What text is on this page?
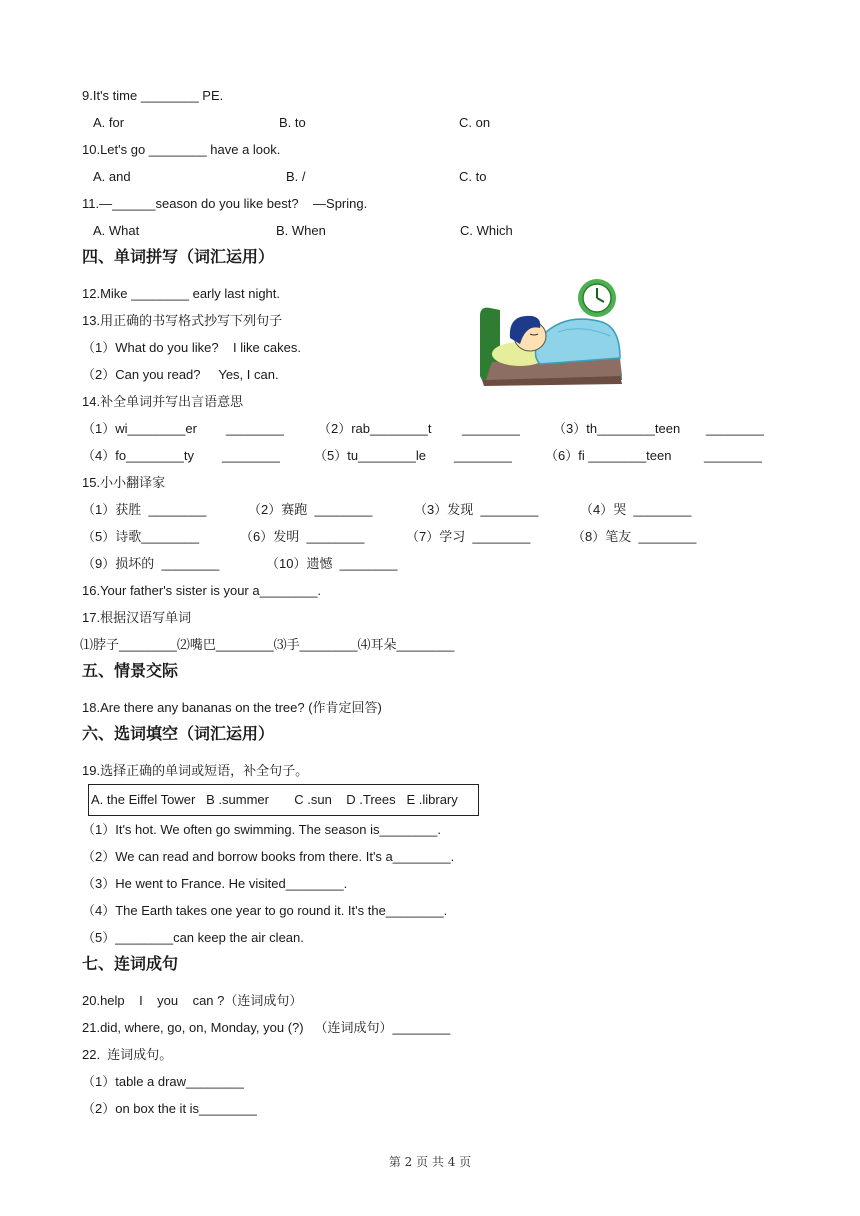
9.It's time ________ PE.
A. for	B. to	C. on
10.Let's go ________ have a look.
A. and	B. /	C. to
11.—______season do you like best?    —Spring.
A. What	B. When	C. Which
四、单词拼写（词汇运用）
12.Mike ________ early last night.
13.用正确的书写格式抄写下列句子
（1）What do you like?    I like cakes.
（2）Can you read?     Yes, I can.
14.补全单词并写出言语意思
（1）wi________er ________	（2）rab________t ________	（3）th________teen ________
（4）fo________ty ________	（5）tu________le ________	（6）fi ________teen	________
15.小小翻译家
（1）获胜  ________	（2）赛跑  ________	（3）发现  ________	（4）哭  ________
（5）诗歌________	（6）发明  ________	（7）学习  ________	（8）笔友  ________
（9）损坏的  ________	（10）遗憾  ________
16.Your father's sister is your a________.
17.根据汉语写单词
⑴脖子________⑵嘴巴________⑶手________⑷耳朵________
五、情景交际
18.Are there any bananas on the tree? (作肯定回答)
六、选词填空（词汇运用）
19.选择正确的单词或短语，补全句子。
A. the Eiffel Tower   B .summer       C .sun    D .Trees   E .library
（1）It's hot. We often go swimming. The season is________.
（2）We can read and borrow books from there. It's a________.
（3）He went to France. He visited________.
（4）The Earth takes one year to go round it. It's the________.
（5）________can keep the air clean.
七、连词成句
20.help    I    you    can ?（连词成句）
21.did, where, go, on, Monday, you (?)   （连词成句）________
22.  连词成句。
（1）table a draw________
（2）on box the it is________
第 2 页 共 4 页
